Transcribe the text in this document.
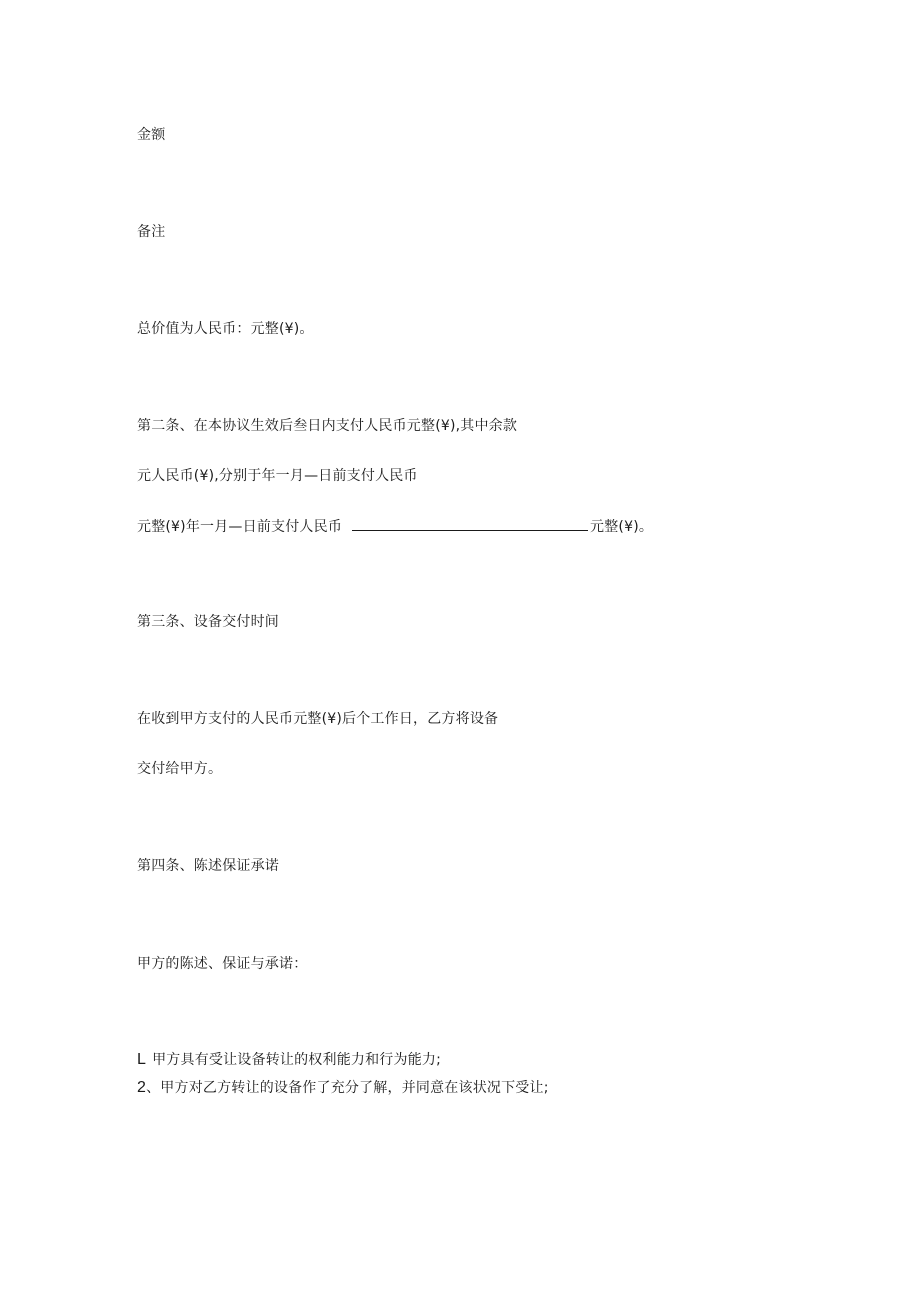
金额
备注
总价值为人民币：元整(¥)。
第二条、在本协议生效后叁日内支付人民币元整(¥),其中余款
元人民币(¥),分别于年一月—日前支付人民币
元整(¥)年一月—日前支付人民币	元整(¥)。
第三条、设备交付时间
在收到甲方支付的人民币元整(¥)后个工作日，乙方将设备
交付给甲方。
第四条、陈述保证承诺
甲方的陈述、保证与承诺：
L 甲方具有受让设备转让的权利能力和行为能力;
2、甲方对乙方转让的设备作了充分了解，并同意在该状况下受让;
